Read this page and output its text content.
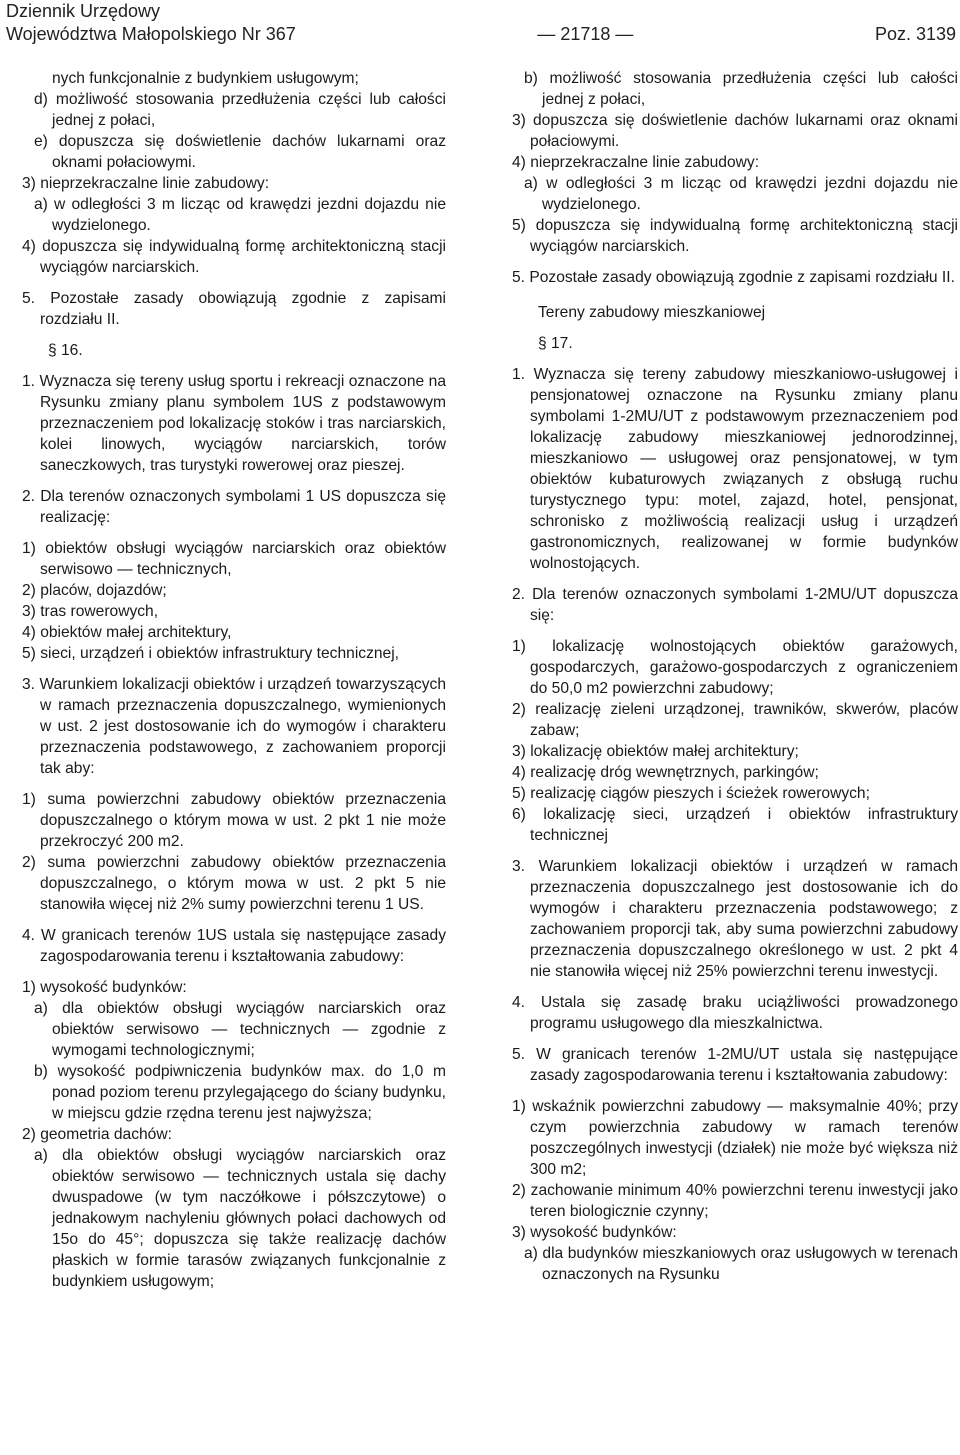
Dziennik Urzędowy
Województwa Małopolskiego Nr 367	— 21718 —	Poz. 3139

nych funkcjonalnie z budynkiem usługowym;

d) możliwość stosowania przedłużenia części lub całości jednej z połaci,

e) dopuszcza się doświetlenie dachów lukarnami oraz oknami połaciowymi.

3) nieprzekraczalne linie zabudowy:

a) w odległości 3 m licząc od krawędzi jezdni dojazdu nie wydzielonego.

4) dopuszcza się indywidualną formę architektoniczną stacji wyciągów narciarskich.

5. Pozostałe zasady obowiązują zgodnie z zapisami rozdziału II.

§ 16.

1. Wyznacza się tereny usług sportu i rekreacji oznaczone na Rysunku zmiany planu symbolem 1US z podstawowym przeznaczeniem pod lokalizację stoków i tras narciarskich, kolei linowych, wyciągów narciarskich, torów saneczkowych, tras turystyki rowerowej oraz pieszej.

2. Dla terenów oznaczonych symbolami 1 US dopuszcza się realizację:

1) obiektów obsługi wyciągów narciarskich oraz obiektów serwisowo — technicznych,

2) placów, dojazdów;

3) tras rowerowych,

4) obiektów małej architektury,

5) sieci, urządzeń i obiektów infrastruktury technicznej,

3. Warunkiem lokalizacji obiektów i urządzeń towarzyszących w ramach przeznaczenia dopuszczalnego, wymienionych w ust. 2 jest dostosowanie ich do wymogów i charakteru przeznaczenia podstawowego, z zachowaniem proporcji tak aby:

1) suma powierzchni zabudowy obiektów przeznaczenia dopuszczalnego o którym mowa w ust. 2 pkt 1 nie może przekroczyć 200 m2.

2) suma powierzchni zabudowy obiektów przeznaczenia dopuszczalnego, o którym mowa w ust. 2 pkt 5 nie stanowiła więcej niż 2% sumy powierzchni terenu 1 US.

4. W granicach terenów 1US ustala się następujące zasady zagospodarowania terenu i kształtowania zabudowy:

1) wysokość budynków:

a) dla obiektów obsługi wyciągów narciarskich oraz obiektów serwisowo — technicznych — zgodnie z wymogami technologicznymi;

b) wysokość podpiwniczenia budynków max. do 1,0 m ponad poziom terenu przylegającego do ściany budynku, w miejscu gdzie rzędna terenu jest najwyższa;

2) geometria dachów:

a) dla obiektów obsługi wyciągów narciarskich oraz obiektów serwisowo — technicznych ustala się dachy dwuspadowe (w tym naczółkowe i półszczytowe) o jednakowym nachyleniu głównych połaci dachowych od 15o do 45°; dopuszcza się także realizację dachów płaskich w formie tarasów związanych funkcjonalnie z budynkiem usługowym;

b) możliwość stosowania przedłużenia części lub całości jednej z połaci,

3) dopuszcza się doświetlenie dachów lukarnami oraz oknami połaciowymi.

4) nieprzekraczalne linie zabudowy:

a) w odległości 3 m licząc od krawędzi jezdni dojazdu nie wydzielonego.

5) dopuszcza się indywidualną formę architektoniczną stacji wyciągów narciarskich.

5. Pozostałe zasady obowiązują zgodnie z zapisami rozdziału II.

Tereny zabudowy mieszkaniowej

§ 17.

1. Wyznacza się tereny zabudowy mieszkaniowo-usługowej i pensjonatowej oznaczone na Rysunku zmiany planu symbolami 1-2MU/UT z podstawowym przeznaczeniem pod lokalizację zabudowy mieszkaniowej jednorodzinnej, mieszkaniowo — usługowej oraz pensjonatowej, w tym obiektów kubaturowych związanych z obsługą ruchu turystycznego typu: motel, zajazd, hotel, pensjonat, schronisko z możliwością realizacji usług i urządzeń gastronomicznych, realizowanej w formie budynków wolnostojących.

2. Dla terenów oznaczonych symbolami 1-2MU/UT dopuszcza się:

1) lokalizację wolnostojących obiektów garażowych, gospodarczych, garażowo-gospodarczych z ograniczeniem do 50,0 m2 powierzchni zabudowy;

2) realizację zieleni urządzonej, trawników, skwerów, placów zabaw;

3) lokalizację obiektów małej architektury;

4) realizację dróg wewnętrznych, parkingów;

5) realizację ciągów pieszych i ścieżek rowerowych;

6) lokalizację sieci, urządzeń i obiektów infrastruktury technicznej

3. Warunkiem lokalizacji obiektów i urządzeń w ramach przeznaczenia dopuszczalnego jest dostosowanie ich do wymogów i charakteru przeznaczenia podstawowego; z zachowaniem proporcji tak, aby suma powierzchni zabudowy przeznaczenia dopuszczalnego określonego w ust. 2 pkt 4 nie stanowiła więcej niż 25% powierzchni terenu inwestycji.

4. Ustala się zasadę braku uciążliwości prowadzonego programu usługowego dla mieszkalnictwa.

5. W granicach terenów 1-2MU/UT ustala się następujące zasady zagospodarowania terenu i kształtowania zabudowy:

1) wskaźnik powierzchni zabudowy — maksymalnie 40%; przy czym powierzchnia zabudowy w ramach terenów poszczególnych inwestycji (działek) nie może być większa niż 300 m2;

2) zachowanie minimum 40% powierzchni terenu inwestycji jako teren biologicznie czynny;

3) wysokość budynków:

a) dla budynków mieszkaniowych oraz usługowych w terenach oznaczonych na Rysunku
